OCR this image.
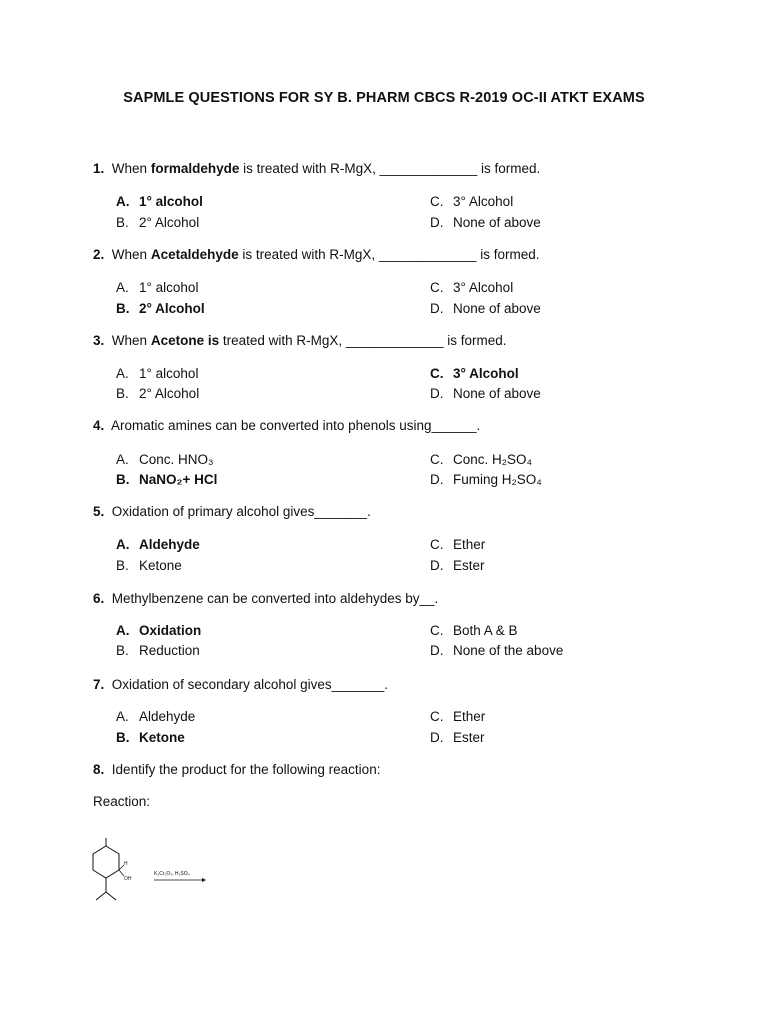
SAPMLE QUESTIONS FOR SY B. PHARM CBCS R-2019 OC-II ATKT EXAMS
1. When formaldehyde is treated with R-MgX, _____________ is formed.
A. 1° alcohol
B. 2° Alcohol
C. 3° Alcohol
D. None of above
2. When Acetaldehyde is treated with R-MgX, _____________ is formed.
A. 1° alcohol
B. 2° Alcohol
C. 3° Alcohol
D. None of above
3. When Acetone is treated with R-MgX, _____________ is formed.
A. 1° alcohol
B. 2° Alcohol
C. 3° Alcohol
D. None of above
4. Aromatic amines can be converted into phenols using______.
A. Conc. HNO₃
B. NaNO₂+ HCl
C. Conc. H₂SO₄
D. Fuming H₂SO₄
5. Oxidation of primary alcohol gives_______.
A. Aldehyde
B. Ketone
C. Ether
D. Ester
6. Methylbenzene can be converted into aldehydes by__.
A. Oxidation
B. Reduction
C. Both A & B
D. None of the above
7. Oxidation of secondary alcohol gives_______.
A. Aldehyde
B. Ketone
C. Ether
D. Ester
8. Identify the product for the following reaction:
Reaction:
H
OH
K₂Cr₂O₇, H₂SO₄
